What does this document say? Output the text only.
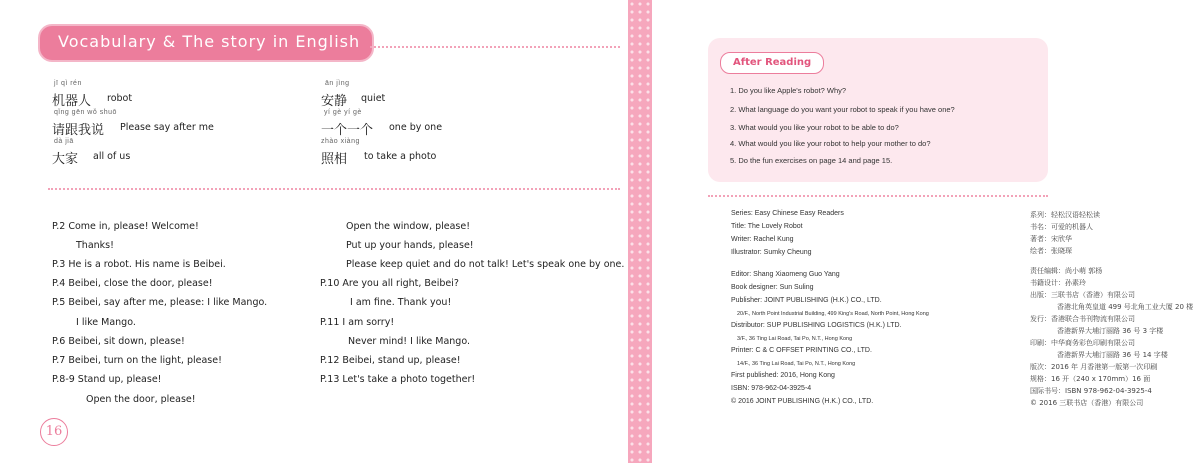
Vocabulary & The story in English
jī qì rén
机器人 robot
qǐng gēn wǒ shuō
请跟我说 Please say after me
dà jiā
大家 all of us
ān jìng
安静 quiet
yí gè yí gè
一个一个 one by one
zhào xiàng
照相 to take a photo
P.2 Come in, please! Welcome!
Thanks!
P.3 He is a robot. His name is Beibei.
P.4 Beibei, close the door, please!
P.5 Beibei, say after me, please: I like Mango.
I like Mango.
P.6 Beibei, sit down, please!
P.7 Beibei, turn on the light, please!
P.8-9 Stand up, please!
Open the door, please!
Open the window, please!
Put up your hands, please!
Please keep quiet and do not talk! Let's speak one by one.
P.10 Are you all right, Beibei?
I am fine. Thank you!
P.11 I am sorry!
Never mind! I like Mango.
P.12 Beibei, stand up, please!
P.13 Let's take a photo together!
16
After Reading
1. Do you like Apple's robot? Why?
2. What language do you want your robot to speak if you have one?
3. What would you like your robot to be able to do?
4. What would you like your robot to help your mother to do?
5. Do the fun exercises on page 14 and page 15.
Series: Easy Chinese Easy Readers
Title: The Lovely Robot
Writer: Rachel Kung
Illustrator: Sumky Cheung
Editor: Shang Xiaomeng Guo Yang
Book designer: Sun Suling
Publisher: JOINT PUBLISHING (H.K.) CO., LTD.
20/F., North Point Industrial Building, 499 King's Road, North Point, Hong Kong
Distributor: SUP PUBLISHING LOGISTICS (H.K.) LTD.
3/F., 36 Ting Lai Road, Tai Po, N.T., Hong Kong
Printer: C & C OFFSET PRINTING CO., LTD.
14/F., 36 Ting Lai Road, Tai Po, N.T., Hong Kong
First published: 2016, Hong Kong
ISBN: 978-962-04-3925-4
© 2016 JOINT PUBLISHING (H.K.) CO., LTD.
系列：轻松汉语轻松读
书名：可爱的机器人
著者：宋欣华
绘者：张晓琛
责任编辑：尚小萌 郭杨
书籍设计：孙素玲
出版：三联书店（香港）有限公司
香港北角英皇道 499 号北角工业大厦 20 楼
发行：香港联合书刊物流有限公司
香港新界大埔汀丽路 36 号 3 字楼
印刷：中华商务彩色印刷有限公司
香港新界大埔汀丽路 36 号 14 字楼
版次：2016 年 月香港第一版第一次印刷
规格：16 开（240 x 170mm）16 面
国际书号：ISBN 978-962-04-3925-4
© 2016 三联书店（香港）有限公司
